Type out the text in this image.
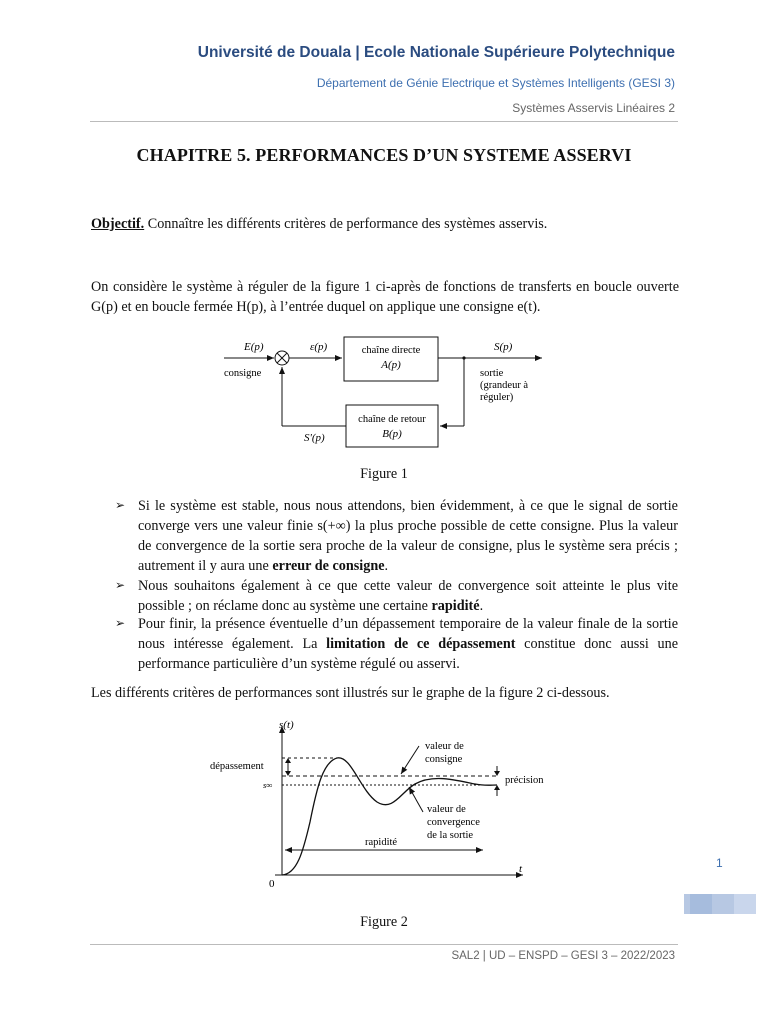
Université de Douala | Ecole Nationale Supérieure Polytechnique
Département de Génie Electrique et Systèmes Intelligents (GESI 3)
Systèmes Asservis Linéaires 2
CHAPITRE 5. PERFORMANCES D’UN SYSTEME ASSERVI
Objectif. Connaître les différents critères de performance des systèmes asservis.
On considère le système à réguler de la figure 1 ci-après de fonctions de transferts en boucle ouverte G(p) et en boucle fermée H(p), à l’entrée duquel on applique une consigne e(t).
chaîne directe
A(p)
chaîne de retour
B(p)
E(p)
consigne
ε(p)	S(p)
sortie
(grandeur à
réguler)
S'(p)
Figure 1
➢ Si le système est stable, nous nous attendons, bien évidemment, à ce que le signal de sortie converge vers une valeur finie s(+∞) la plus proche possible de cette consigne. Plus la valeur de convergence de la sortie sera proche de la valeur de consigne, plus le système sera précis ; autrement il y aura une erreur de consigne.
➢ Nous souhaitons également à ce que cette valeur de convergence soit atteinte le plus vite possible ; on réclame donc au système une certaine rapidité.
➢ Pour finir, la présence éventuelle d’un dépassement temporaire de la valeur finale de la sortie nous intéresse également. La limitation de ce dépassement constitue donc aussi une performance particulière d’un système régulé ou asservi.
Les différents critères de performances sont illustrés sur le graphe de la figure 2 ci-dessous.
s(t)
t
0
dépassement
s∞	précision
valeur de
consigne
valeur de
convergence
de la sortie
rapidité
Figure 2
1
SAL2 | UD – ENSPD – GESI 3 – 2022/2023
